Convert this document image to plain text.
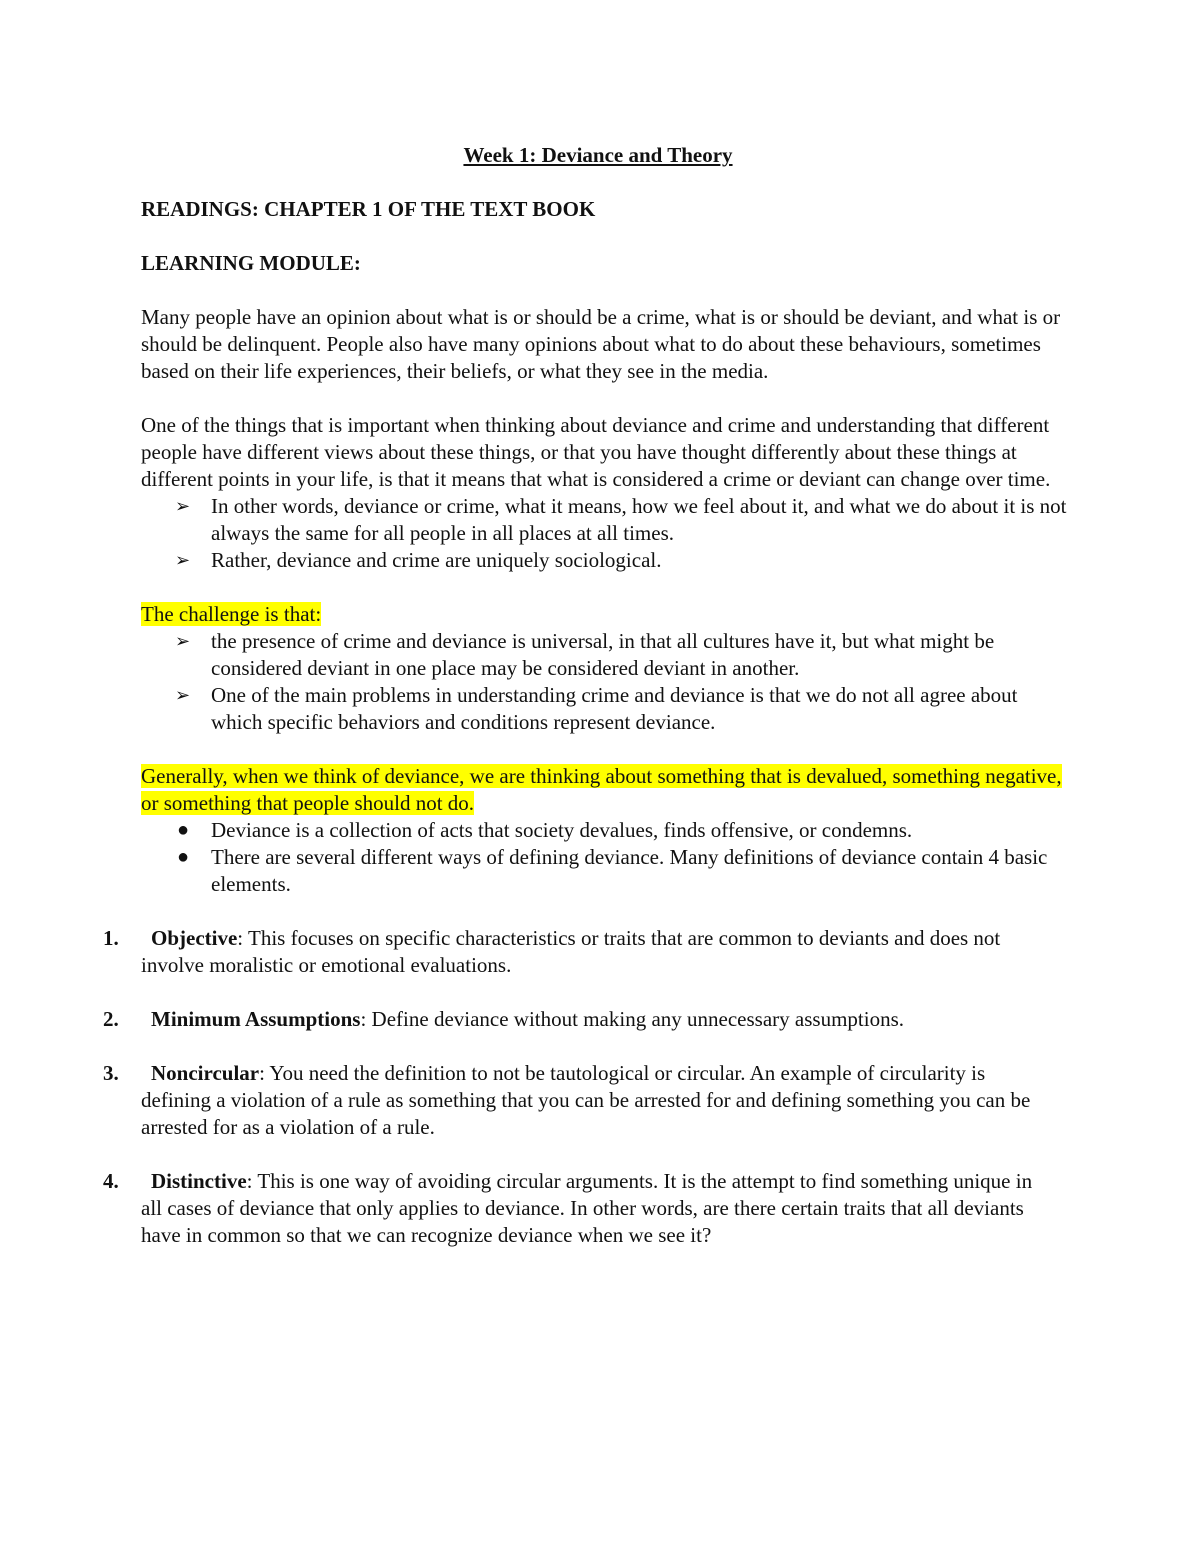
Week 1: Deviance and Theory

READINGS: CHAPTER 1 OF THE TEXT BOOK

LEARNING MODULE:

Many people have an opinion about what is or should be a crime, what is or should be deviant, and what is or should be delinquent. People also have many opinions about what to do about these behaviours, sometimes based on their life experiences, their beliefs, or what they see in the media.

One of the things that is important when thinking about deviance and crime and understanding that different people have different views about these things, or that you have thought differently about these things at different points in your life, is that it means that what is considered a crime or deviant can change over time.

➢ In other words, deviance or crime, what it means, how we feel about it, and what we do about it is not always the same for all people in all places at all times.
➢ Rather, deviance and crime are uniquely sociological.

The challenge is that:

➢ the presence of crime and deviance is universal, in that all cultures have it, but what might be considered deviant in one place may be considered deviant in another.
➢ One of the main problems in understanding crime and deviance is that we do not all agree about which specific behaviors and conditions represent deviance.

Generally, when we think of deviance, we are thinking about something that is devalued, something negative, or something that people should not do.

● Deviance is a collection of acts that society devalues, finds offensive, or condemns.
● There are several different ways of defining deviance. Many definitions of deviance contain 4 basic elements.
1. Objective: This focuses on specific characteristics or traits that are common to deviants and does not involve moralistic or emotional evaluations.
2. Minimum Assumptions: Define deviance without making any unnecessary assumptions.
3. Noncircular: You need the definition to not be tautological or circular. An example of circularity is defining a violation of a rule as something that you can be arrested for and defining something you can be arrested for as a violation of a rule.
4. Distinctive: This is one way of avoiding circular arguments. It is the attempt to find something unique in all cases of deviance that only applies to deviance. In other words, are there certain traits that all deviants have in common so that we can recognize deviance when we see it?
